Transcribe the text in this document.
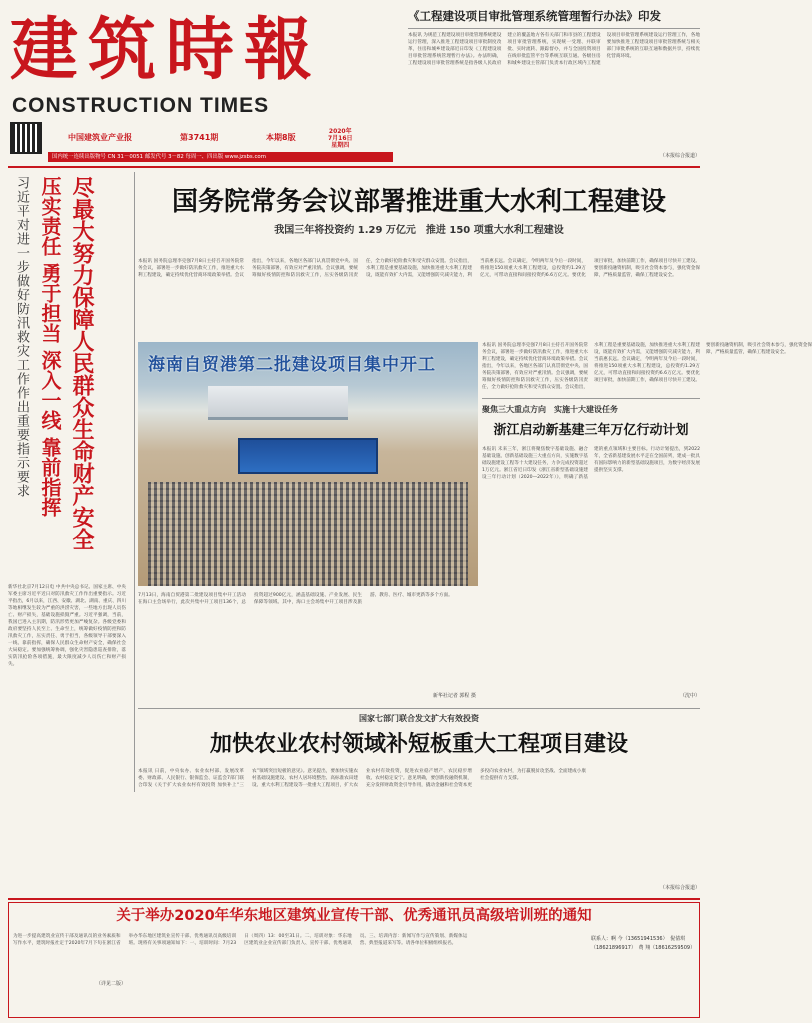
建筑時報
CONSTRUCTION TIMES
中国建筑业产业报	第3741期	本期8版
2020年
7月16日
星期四
国内统一连续出版物号 CN 31－0051 邮发代号 3－82 每周一、四出版 www.jzsbs.com
《工程建设项目审批管理系统管理暂行办法》印发
本报讯 为规范工程建设项目审批管理系统建设运行管理，深入推进工程建设项目审批制度改革，住房和城乡建设部近日印发《工程建设项目审批管理系统管理暂行办法》。办法明确，工程建设项目审批管理系统是指各级人民政府建立的覆盖地方各有关部门和市县的工程建设项目审批管理系统，实现统一受理、并联审批、实时流转、跟踪督办，并与全国投资项目在线审批监管平台等系统互联互通。各级住房和城乡建设主管部门负责本行政区域内工程建设项目审批管理系统建设运行管理工作，各地要加快推进工程建设项目审批管理系统与相关部门审批系统的互联互通和数据共享，持续优化营商环境。
（本报综合报道）
习近平对进一步做好防汛救灾工作作出重要指示要求 尽最大努力保障人民群众生命财产安全
压实责任 勇于担当 深入一线 靠前指挥
新华社北京7月12日电 中共中央总书记、国家主席、中央军委主席习近平近日对防汛救灾工作作出重要指示。习近平指出，6月以来，江西、安徽、湖北、湖南、重庆、四川等地相继发生较为严重的洪涝灾害，一些地方出现人员伤亡、财产损失，基础设施损毁严重。习近平强调，当前，我国已进入主汛期，防汛形势更加严峻复杂。各级党委和政府要坚持人民至上、生命至上，统筹做好疫情防控和防汛救灾工作，压实责任、勇于担当，各级领导干部要深入一线、靠前指挥，确保人民群众生命财产安全，确保社会大局稳定。要加强统筹协调，强化灾害隐患巡查排险，落实防汛抢险各项措施，最大限度减少人员伤亡和财产损失。
（详见二版）
国务院常务会议部署推进重大水利工程建设
我国三年将投资约 1.29 万亿元　推进 150 项重大水利工程建设
本报讯 国务院总理李克强7月8日主持召开国务院常务会议，部署进一步做好防汛救灾工作，推进重大水利工程建设，确定持续优化营商环境政策举措。会议指出，今年以来，各地区各部门认真贯彻党中央、国务院决策部署，有效应对严重汛情。会议强调，要统筹做好疫情防控和防汛救灾工作，压实各级防汛责任，全力做好抢险救灾和受灾群众安置。会议指出，水利工程是重要基础设施，加快推进重大水利工程建设，既能有效扩大内需，又能增强防灾减灾能力，利当前惠长远。会议确定，今明两年及今后一段时间，将推进150项重大水利工程建设，总投资约1.29万亿元，可带动直接和间接投资约6.6万亿元。要优化项目审批，加快前期工作，确保项目尽快开工建设。要创新投融资机制，吸引社会资本参与，强化资金保障，严格质量监管，确保工程建设安全。
海南自贸港第二批建设项目集中开工
7月13日，海南自贸港第二批建设项目集中开工活动在海口主会场举行，此次共集中开工项目136个，总投资超过900亿元，涵盖基础设施、产业发展、民生保障等领域。其中，海口主会场集中开工项目涉及旅游、教育、医疗、城市更新等多个方面。
新华社记者 郭程 摄
本报讯 国务院总理李克强7月8日主持召开国务院常务会议，部署进一步做好防汛救灾工作，推进重大水利工程建设，确定持续优化营商环境政策举措。会议指出，今年以来，各地区各部门认真贯彻党中央、国务院决策部署，有效应对严重汛情。会议强调，要统筹做好疫情防控和防汛救灾工作，压实各级防汛责任，全力做好抢险救灾和受灾群众安置。会议指出，水利工程是重要基础设施，加快推进重大水利工程建设，既能有效扩大内需，又能增强防灾减灾能力，利当前惠长远。会议确定，今明两年及今后一段时间，将推进150项重大水利工程建设，总投资约1.29万亿元，可带动直接和间接投资约6.6万亿元。要优化项目审批，加快前期工作，确保项目尽快开工建设。要创新投融资机制，吸引社会资本参与，强化资金保障，严格质量监管，确保工程建设安全。
聚焦三大重点方向　实施十大建设任务
浙江启动新基建三年万亿行动计划
本报讯 未来三年，浙江将聚焦数字基础设施、融合基础设施、创新基础设施三大重点方向，实施数字基础设施建设工程等十大建设任务，力争完成投资超过1万亿元。浙江省近日印发《浙江省新型基础设施建设三年行动计划（2020—2022年）》，明确了新基建的重点领域和主要目标。行动计划提出，到2022年，全省新基建发展水平走在全国前列，建成一批具有国际影响力的新型基础设施项目，为数字经济发展提供坚实支撑。
（沈中）
国家七部门联合发文扩大有效投资
加快农业农村领域补短板重大工程项目建设
本报讯 日前，中央农办、农业农村部、发展改革委、财政部、人民银行、银保监会、证监会7部门联合印发《关于扩大农业农村有效投资 加快补上“三农”领域突出短板的意见》。意见提出，要加快实施农村基础设施建设、农村人居环境整治、高标准农田建设、重大水利工程建设等一批重大工程项目，扩大农业农村有效投资，促进农业稳产增产、农民稳步增收、农村稳定安宁。意见明确，要创新投融资机制，充分发挥财政资金引导作用，撬动金融和社会资本更多投向农业农村，为打赢脱贫攻坚战、全面建成小康社会提供有力支撑。
（本报综合报道）
关于举办2020年华东地区建筑业宣传干部、优秀通讯员高级培训班的通知
为进一步提高建筑业宣传干部及通讯员的业务素质和写作水平，建筑时报社定于2020年7月下旬在浙江省举办华东地区建筑业宣传干部、优秀通讯员高级培训班。现将有关事项通知如下：一、培训时间：7月23日（周四）13：00至31日。二、培训对象：华东地区建筑业企业宣传部门负责人、宣传干部、优秀通讯员。三、培训内容：新闻写作与宣传策划、新媒体运营、典型报道采写等。请各单位积极组织报名。
联系人：啊 今（13651941536）　倪倩琪（18621896917）　费 翔（18616259509）
